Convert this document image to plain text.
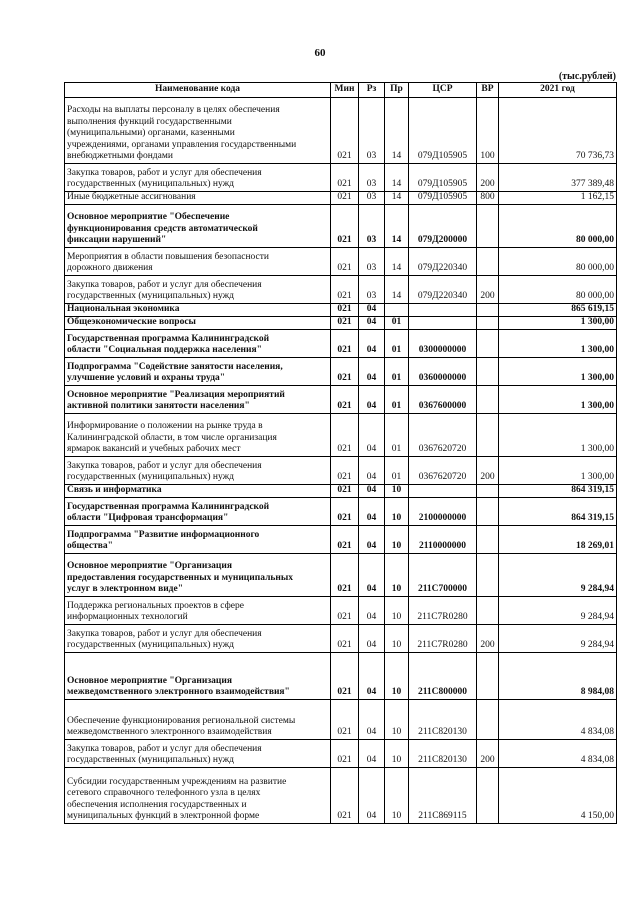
60
(тыс.рублей)
Наименование кода	Мин	Рз	Пр	ЦСР	ВР	2021 год
Расходы на выплаты персоналу в целях обеспечения
выполнения функций государственными
(муниципальными) органами, казенными
учреждениями, органами управления государственными
внебюджетными фондами	021	03	14	079Д105905	100	70 736,73
Закупка товаров, работ и услуг для обеспечения
государственных (муниципальных) нужд	021	03	14	079Д105905	200	377 389,48
Иные бюджетные ассигнования	021	03	14	079Д105905	800	1 162,15
Основное мероприятие "Обеспечение
функционирования средств автоматической
фиксации нарушений"	021	03	14	079Д200000		80 000,00
Мероприятия в области повышения безопасности
дорожного движения	021	03	14	079Д220340		80 000,00
Закупка товаров, работ и услуг для обеспечения
государственных (муниципальных) нужд	021	03	14	079Д220340	200	80 000,00
Национальная экономика	021	04				865 619,15
Общеэкономические вопросы	021	04	01			1 300,00
Государственная программа Калининградской
области "Социальная поддержка населения"	021	04	01	0300000000		1 300,00
Подпрограмма "Содействие занятости населения,
улучшение условий и охраны труда"	021	04	01	0360000000		1 300,00
Основное мероприятие "Реализация мероприятий
активной политики занятости населения"	021	04	01	0367600000		1 300,00
Информирование о положении на рынке труда в
Калининградской области, в том числе организация
ярмарок вакансий и учебных рабочих мест	021	04	01	0367620720		1 300,00
Закупка товаров, работ и услуг для обеспечения
государственных (муниципальных) нужд	021	04	01	0367620720	200	1 300,00
Связь и информатика	021	04	10			864 319,15
Государственная программа Калининградской
области "Цифровая трансформация"	021	04	10	2100000000		864 319,15
Подпрограмма "Развитие информационного
общества"	021	04	10	2110000000		18 269,01
Основное мероприятие "Организация
предоставления государственных и муниципальных
услуг в электронном виде"	021	04	10	211С700000		9 284,94
Поддержка региональных проектов в сфере
информационных технологий	021	04	10	211С7R0280		9 284,94
Закупка товаров, работ и услуг для обеспечения
государственных (муниципальных) нужд	021	04	10	211С7R0280	200	9 284,94
Основное мероприятие "Организация
межведомственного электронного взаимодействия"	021	04	10	211С800000		8 984,08
Обеспечение функционирования региональной системы
межведомственного электронного взаимодействия	021	04	10	211С820130		4 834,08
Закупка товаров, работ и услуг для обеспечения
государственных (муниципальных) нужд	021	04	10	211С820130	200	4 834,08
Субсидии государственным учреждениям на развитие
сетевого справочного телефонного узла в целях
обеспечения исполнения государственных и
муниципальных функций в электронной форме	021	04	10	211С869115		4 150,00
